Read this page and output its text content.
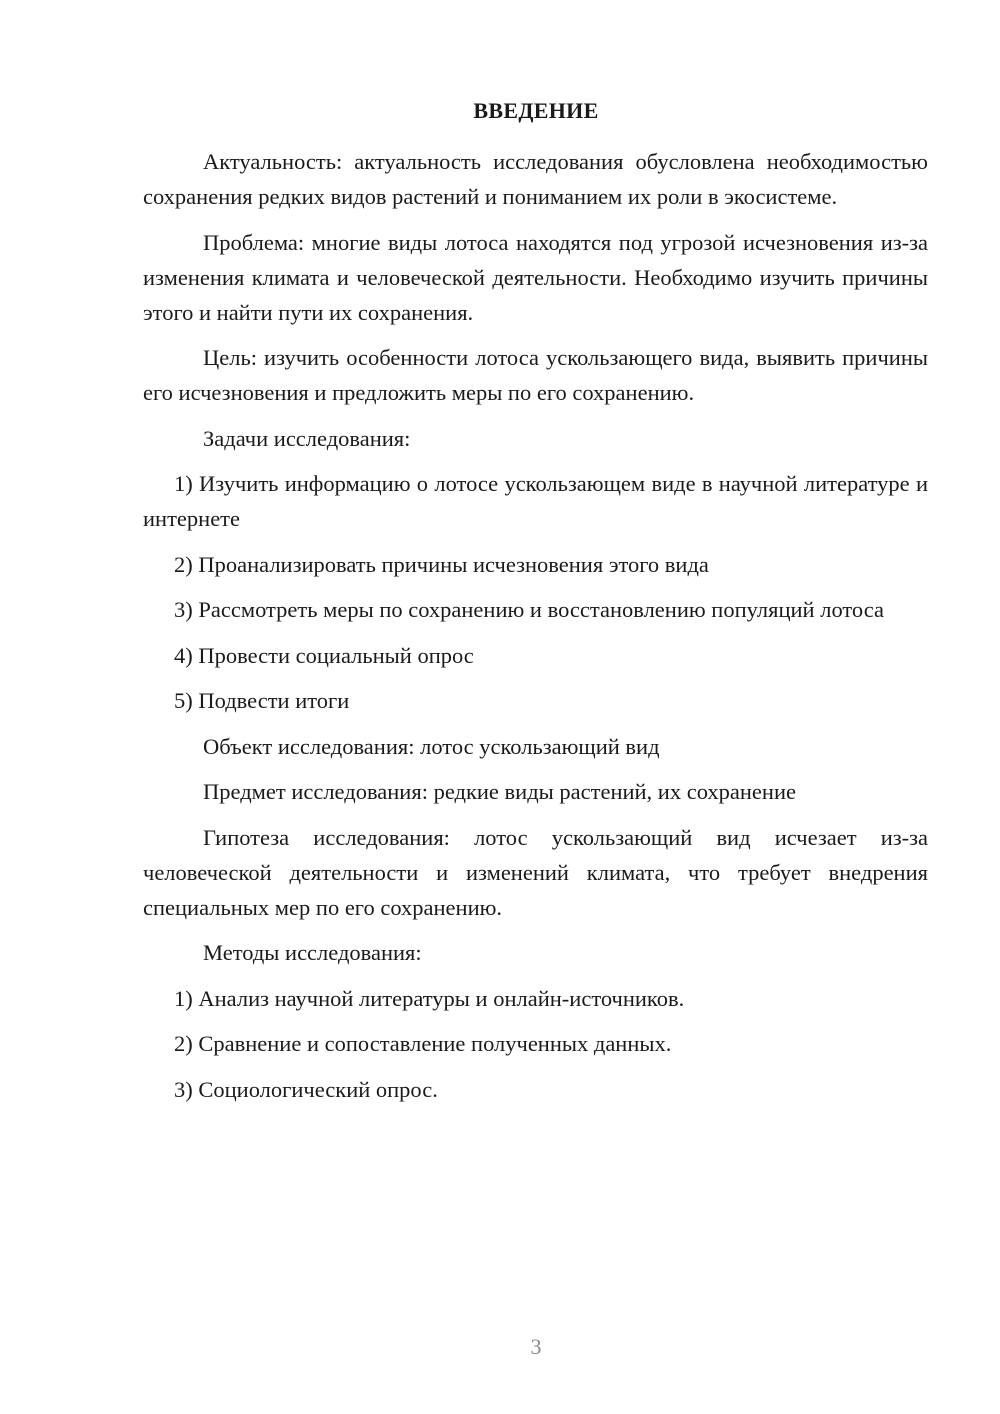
ВВЕДЕНИЕ

Актуальность: актуальность исследования обусловлена необходимостью сохранения редких видов растений и пониманием их роли в экосистеме.

Проблема: многие виды лотоса находятся под угрозой исчезновения из-за изменения климата и человеческой деятельности. Необходимо изучить причины этого и найти пути их сохранения.

Цель: изучить особенности лотоса ускользающего вида, выявить причины его исчезновения и предложить меры по его сохранению.

Задачи исследования:

1) Изучить информацию о лотосе ускользающем виде в научной литературе и интернете

2) Проанализировать причины исчезновения этого вида

3) Рассмотреть меры по сохранению и восстановлению популяций лотоса

4) Провести социальный опрос

5) Подвести итоги

Объект исследования: лотос ускользающий вид

Предмет исследования: редкие виды растений, их сохранение

Гипотеза исследования: лотос ускользающий вид исчезает из-за человеческой деятельности и изменений климата, что требует внедрения специальных мер по его сохранению.

Методы исследования:

1) Анализ научной литературы и онлайн-источников.

2) Сравнение и сопоставление полученных данных.

3) Социологический опрос.

3
